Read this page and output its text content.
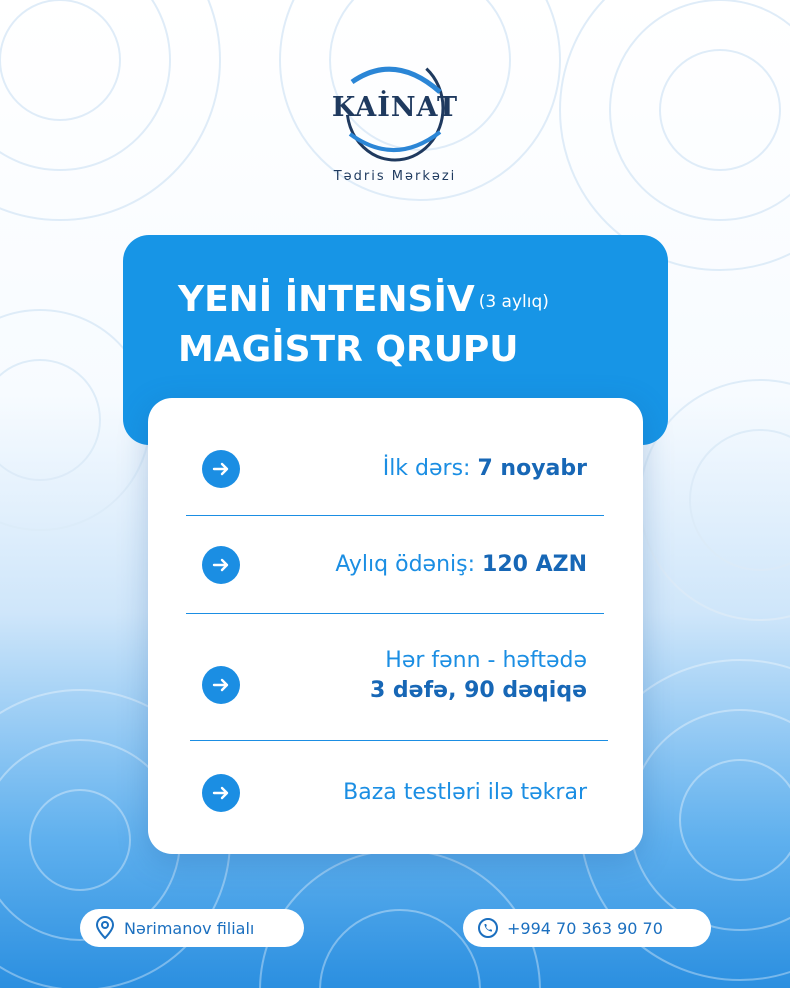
KAİNAT
Tədris Mərkəzi
YENİ İNTENSİV (3 aylıq)
MAGİSTR QRUPU
İlk dərs: 7 noyabr
Aylıq ödəniş: 120 AZN
Hər fənn - həftədə
3 dəfə, 90 dəqiqə
Baza testləri ilə təkrar
Nərimanov filialı	+994 70 363 90 70
